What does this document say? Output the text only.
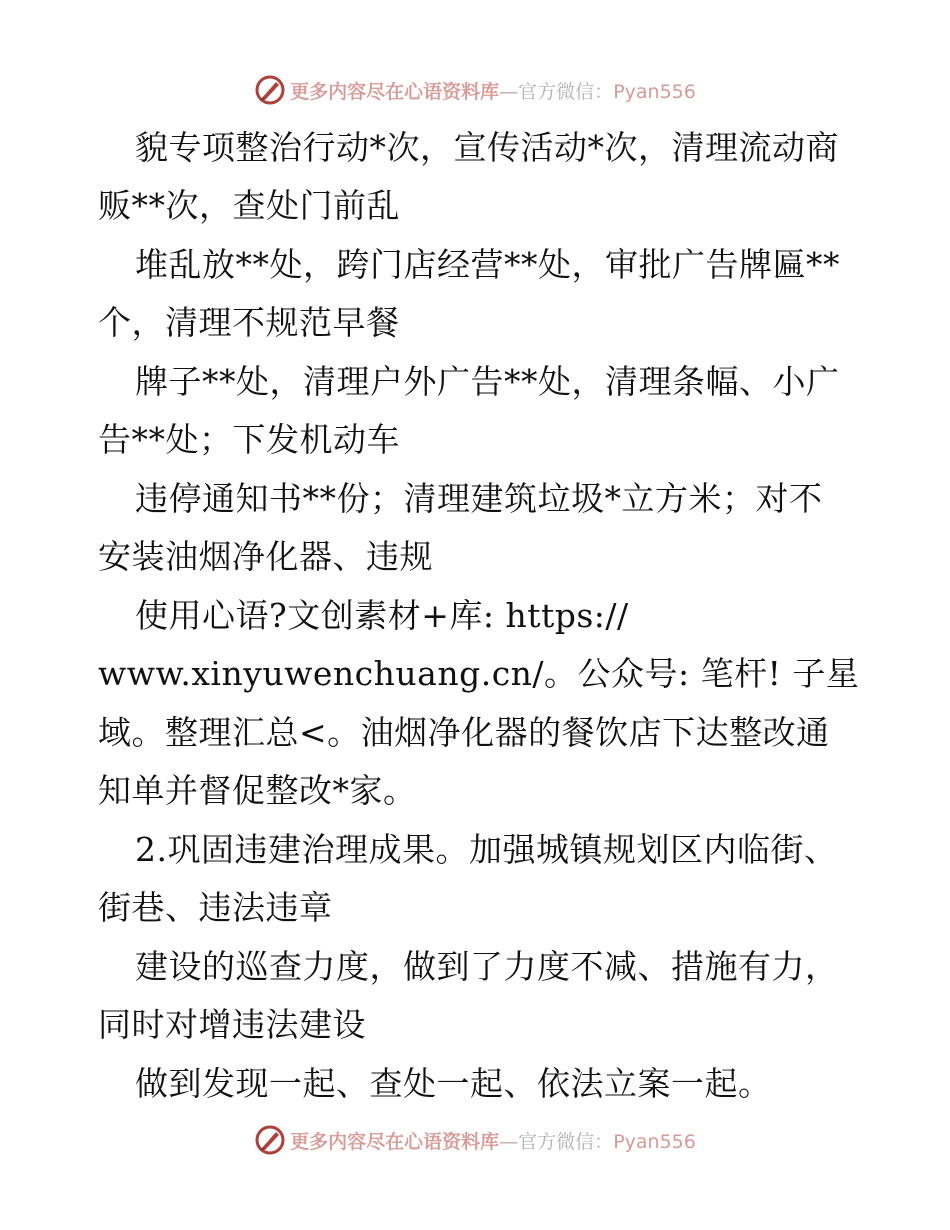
更多内容尽在心语资料库—官方微信：Pyan556
貌专项整治行动*次，宣传活动*次，清理流动商
贩**次，查处门前乱
堆乱放**处，跨门店经营**处，审批广告牌匾**
个，清理不规范早餐
牌子**处，清理户外广告**处，清理条幅、小广
告**处；下发机动车
违停通知书**份；清理建筑垃圾*立方米；对不
安装油烟净化器、违规
使用心语?文创素材+库: https://
www.xinyuwenchuang.cn/。公众号: 笔杆! 子星
域。整理汇总<。油烟净化器的餐饮店下达整改通
知单并督促整改*家。
2.巩固违建治理成果。加强城镇规划区内临街、
街巷、违法违章
建设的巡查力度，做到了力度不减、措施有力，
同时对增违法建设
做到发现一起、查处一起、依法立案一起。
更多内容尽在心语资料库—官方微信：Pyan556
